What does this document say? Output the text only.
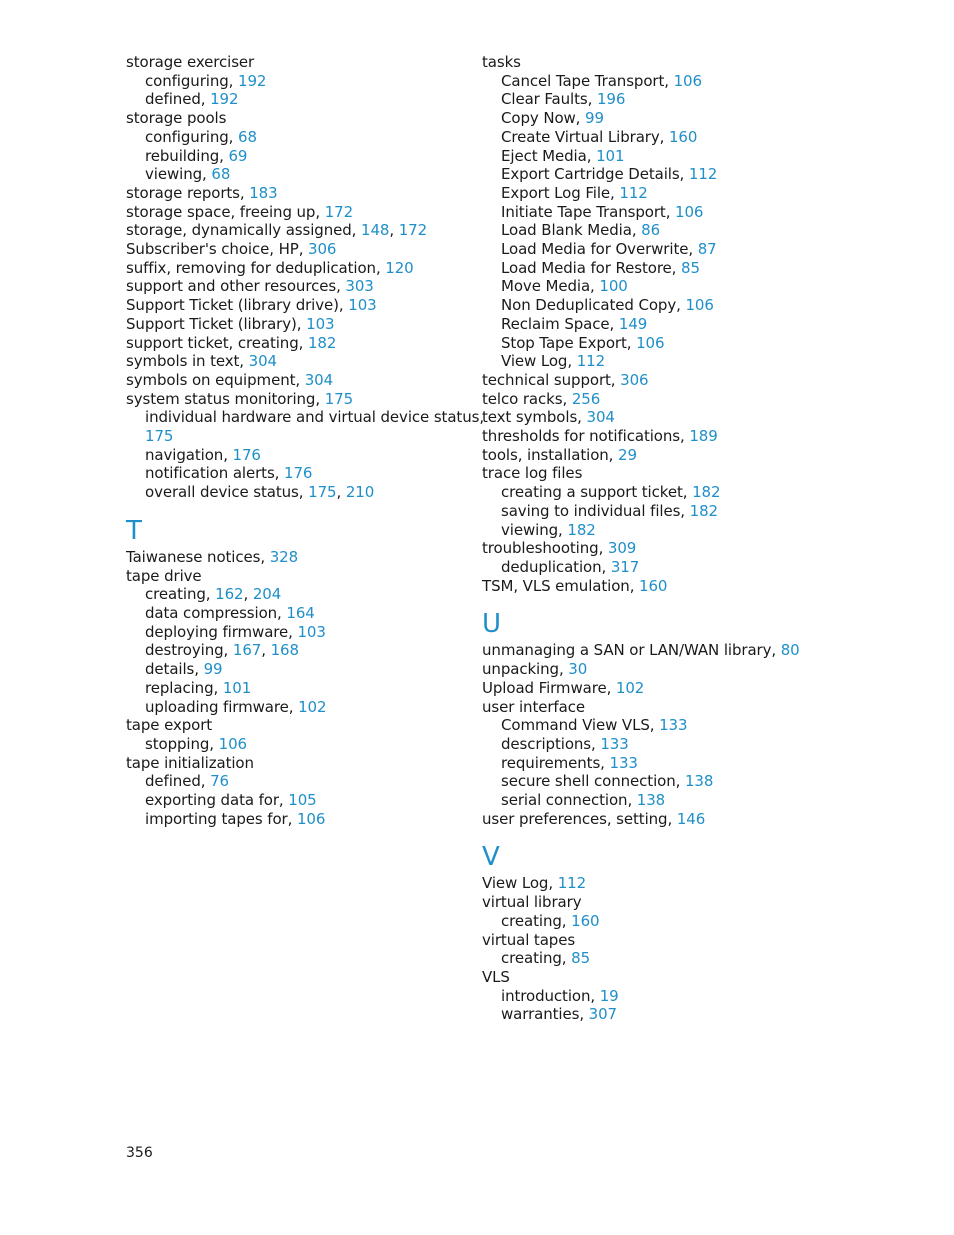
storage exerciser
configuring, 192
defined, 192
storage pools
configuring, 68
rebuilding, 69
viewing, 68
storage reports, 183
storage space, freeing up, 172
storage, dynamically assigned, 148, 172
Subscriber's choice, HP, 306
suffix, removing for deduplication, 120
support and other resources, 303
Support Ticket (library drive), 103
Support Ticket (library), 103
support ticket, creating, 182
symbols in text, 304
symbols on equipment, 304
system status monitoring, 175
individual hardware and virtual device status,
175
navigation, 176
notification alerts, 176
overall device status, 175, 210
T
Taiwanese notices, 328
tape drive
creating, 162, 204
data compression, 164
deploying firmware, 103
destroying, 167, 168
details, 99
replacing, 101
uploading firmware, 102
tape export
stopping, 106
tape initialization
defined, 76
exporting data for, 105
importing tapes for, 106
tasks
Cancel Tape Transport, 106
Clear Faults, 196
Copy Now, 99
Create Virtual Library, 160
Eject Media, 101
Export Cartridge Details, 112
Export Log File, 112
Initiate Tape Transport, 106
Load Blank Media, 86
Load Media for Overwrite, 87
Load Media for Restore, 85
Move Media, 100
Non Deduplicated Copy, 106
Reclaim Space, 149
Stop Tape Export, 106
View Log, 112
technical support, 306
telco racks, 256
text symbols, 304
thresholds for notifications, 189
tools, installation, 29
trace log files
creating a support ticket, 182
saving to individual files, 182
viewing, 182
troubleshooting, 309
deduplication, 317
TSM, VLS emulation, 160
U
unmanaging a SAN or LAN/WAN library, 80
unpacking, 30
Upload Firmware, 102
user interface
Command View VLS, 133
descriptions, 133
requirements, 133
secure shell connection, 138
serial connection, 138
user preferences, setting, 146
V
View Log, 112
virtual library
creating, 160
virtual tapes
creating, 85
VLS
introduction, 19
warranties, 307
356
